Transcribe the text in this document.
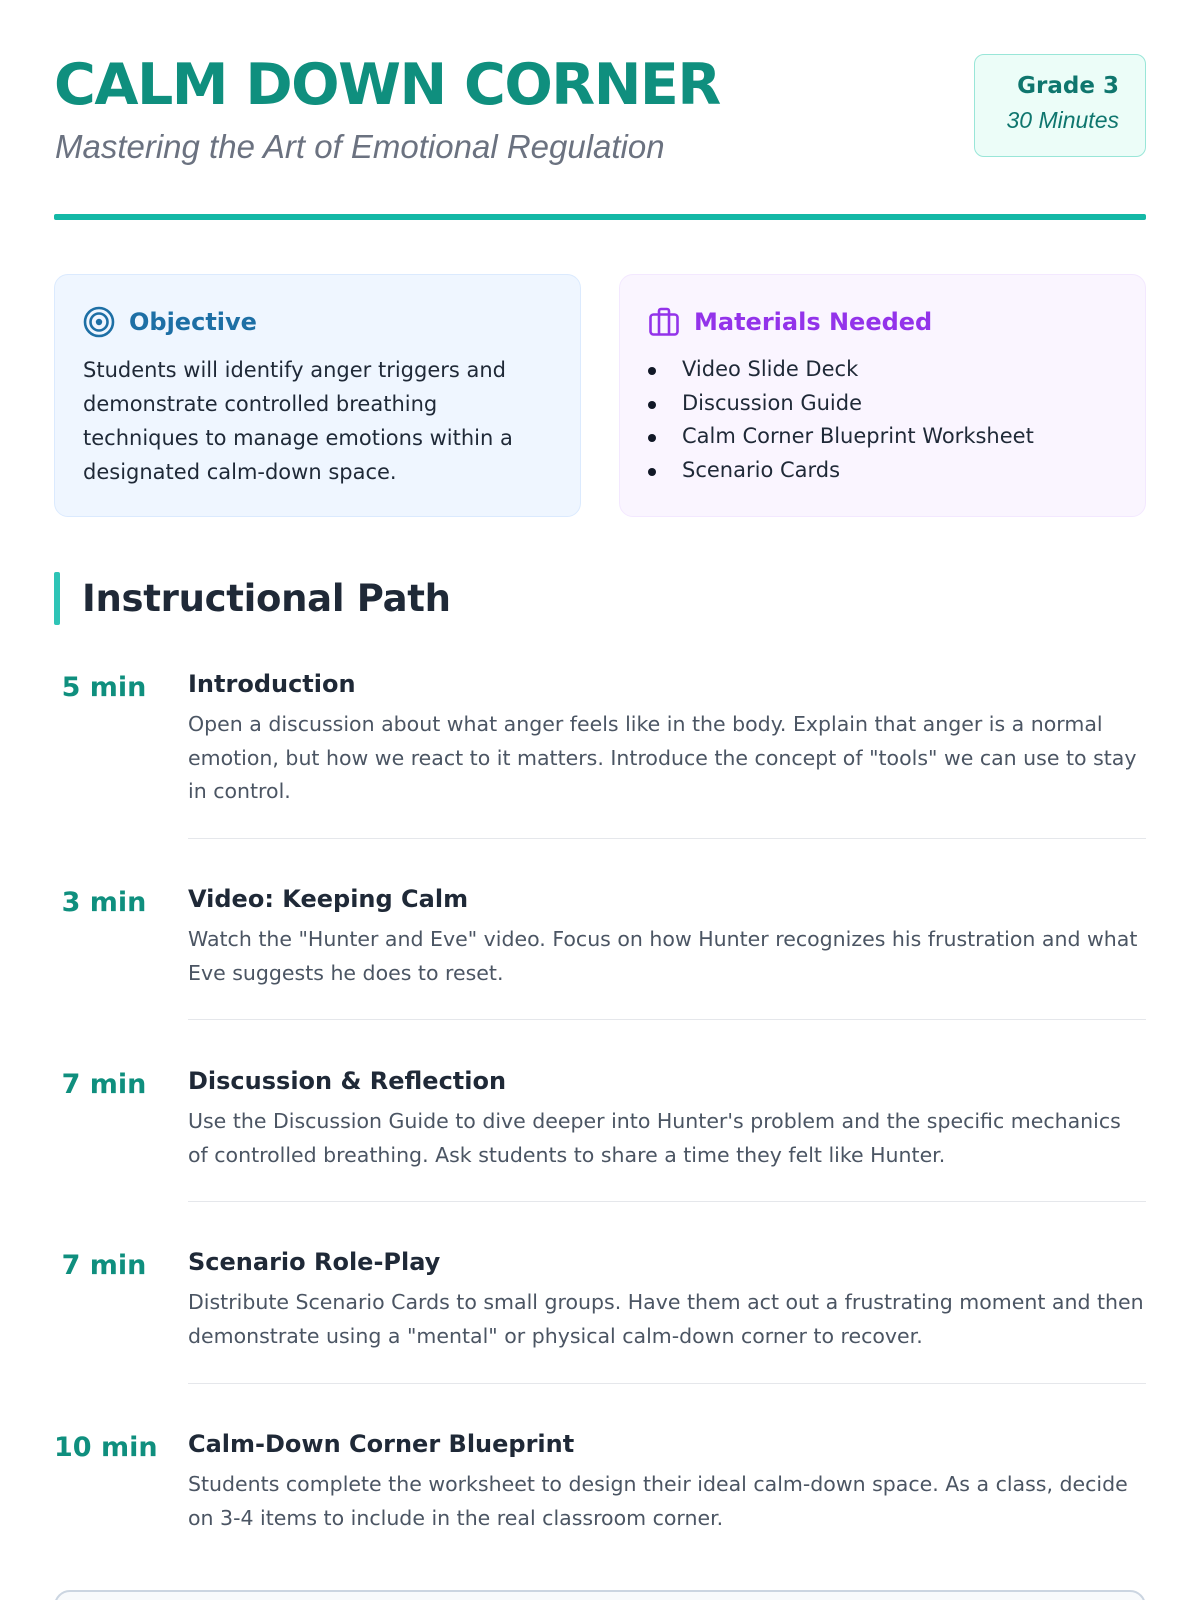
CALM DOWN CORNER
Mastering the Art of Emotional Regulation
Grade 3
30 Minutes
Objective

Students will identify anger triggers and demonstrate controlled breathing techniques to manage emotions within a designated calm-down space.

Materials Needed
Video Slide Deck
Discussion Guide
Calm Corner Blueprint Worksheet
Scenario Cards
Instructional Path
5 min	Introduction

Open a discussion about what anger feels like in the body. Explain that anger is a normal emotion, but how we react to it matters. Introduce the concept of "tools" we can use to stay in control.

3 min	Video: Keeping Calm

Watch the "Hunter and Eve" video. Focus on how Hunter recognizes his frustration and what Eve suggests he does to reset.

7 min	Discussion & Reflection

Use the Discussion Guide to dive deeper into Hunter's problem and the specific mechanics of controlled breathing. Ask students to share a time they felt like Hunter.

7 min	Scenario Role-Play

Distribute Scenario Cards to small groups. Have them act out a frustrating moment and then demonstrate using a "mental" or physical calm-down corner to recover.

10 min Calm-Down Corner Blueprint

Students complete the worksheet to design their ideal calm-down space. As a class, decide on 3-4 items to include in the real classroom corner.
